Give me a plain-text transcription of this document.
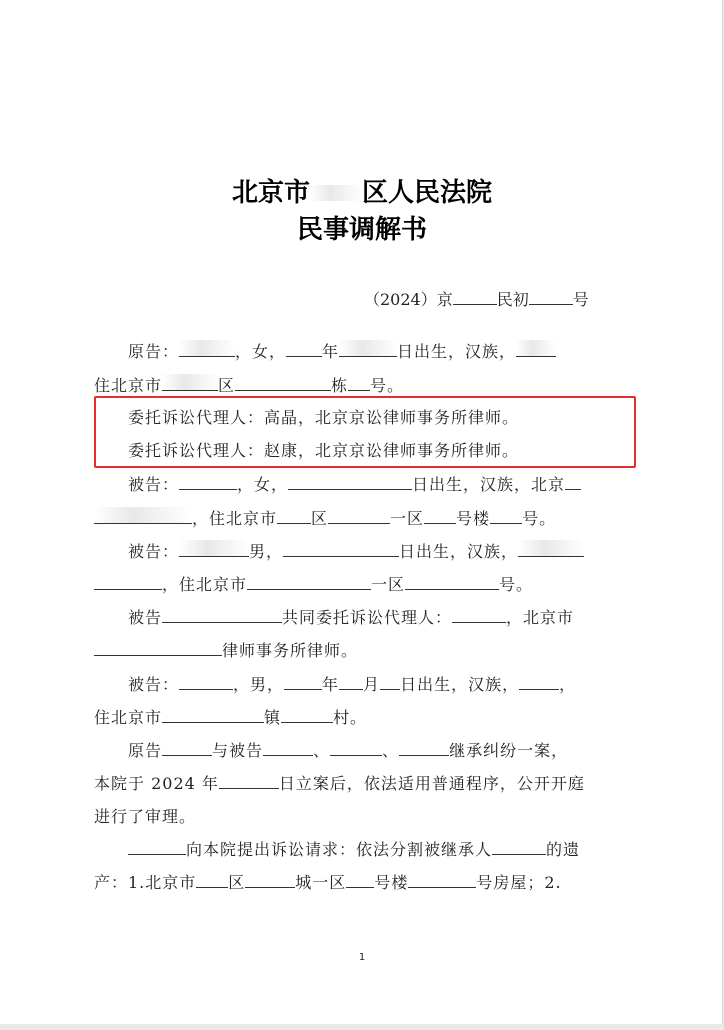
北京市 区人民法院
民事调解书
（2024）京	民初	号
原告：	，女， 年	日出生，汉族，
住北京市	区	栋 号。
委托诉讼代理人：高晶，北京京讼律师事务所律师。
委托诉讼代理人：赵康，北京京讼律师事务所律师。
被告：	，女，	日出生，汉族，北京
，住北京市 区	一区 号楼 号。
被告：	男，	日出生，汉族，
，住北京市	一区	号。
被告	共同委托诉讼代理人：	，北京市
律师事务所律师。
被告：	，男， 年 月 日出生，汉族，	，
住北京市	镇	村。
原告	与被告	、	、	继承纠纷一案，
本院于 2024 年	日立案后，依法适用普通程序，公开开庭
进行了审理。
向本院提出诉讼请求：依法分割被继承人	的遗
产：1.北京市 区	城一区 号楼	号房屋；2.
1
